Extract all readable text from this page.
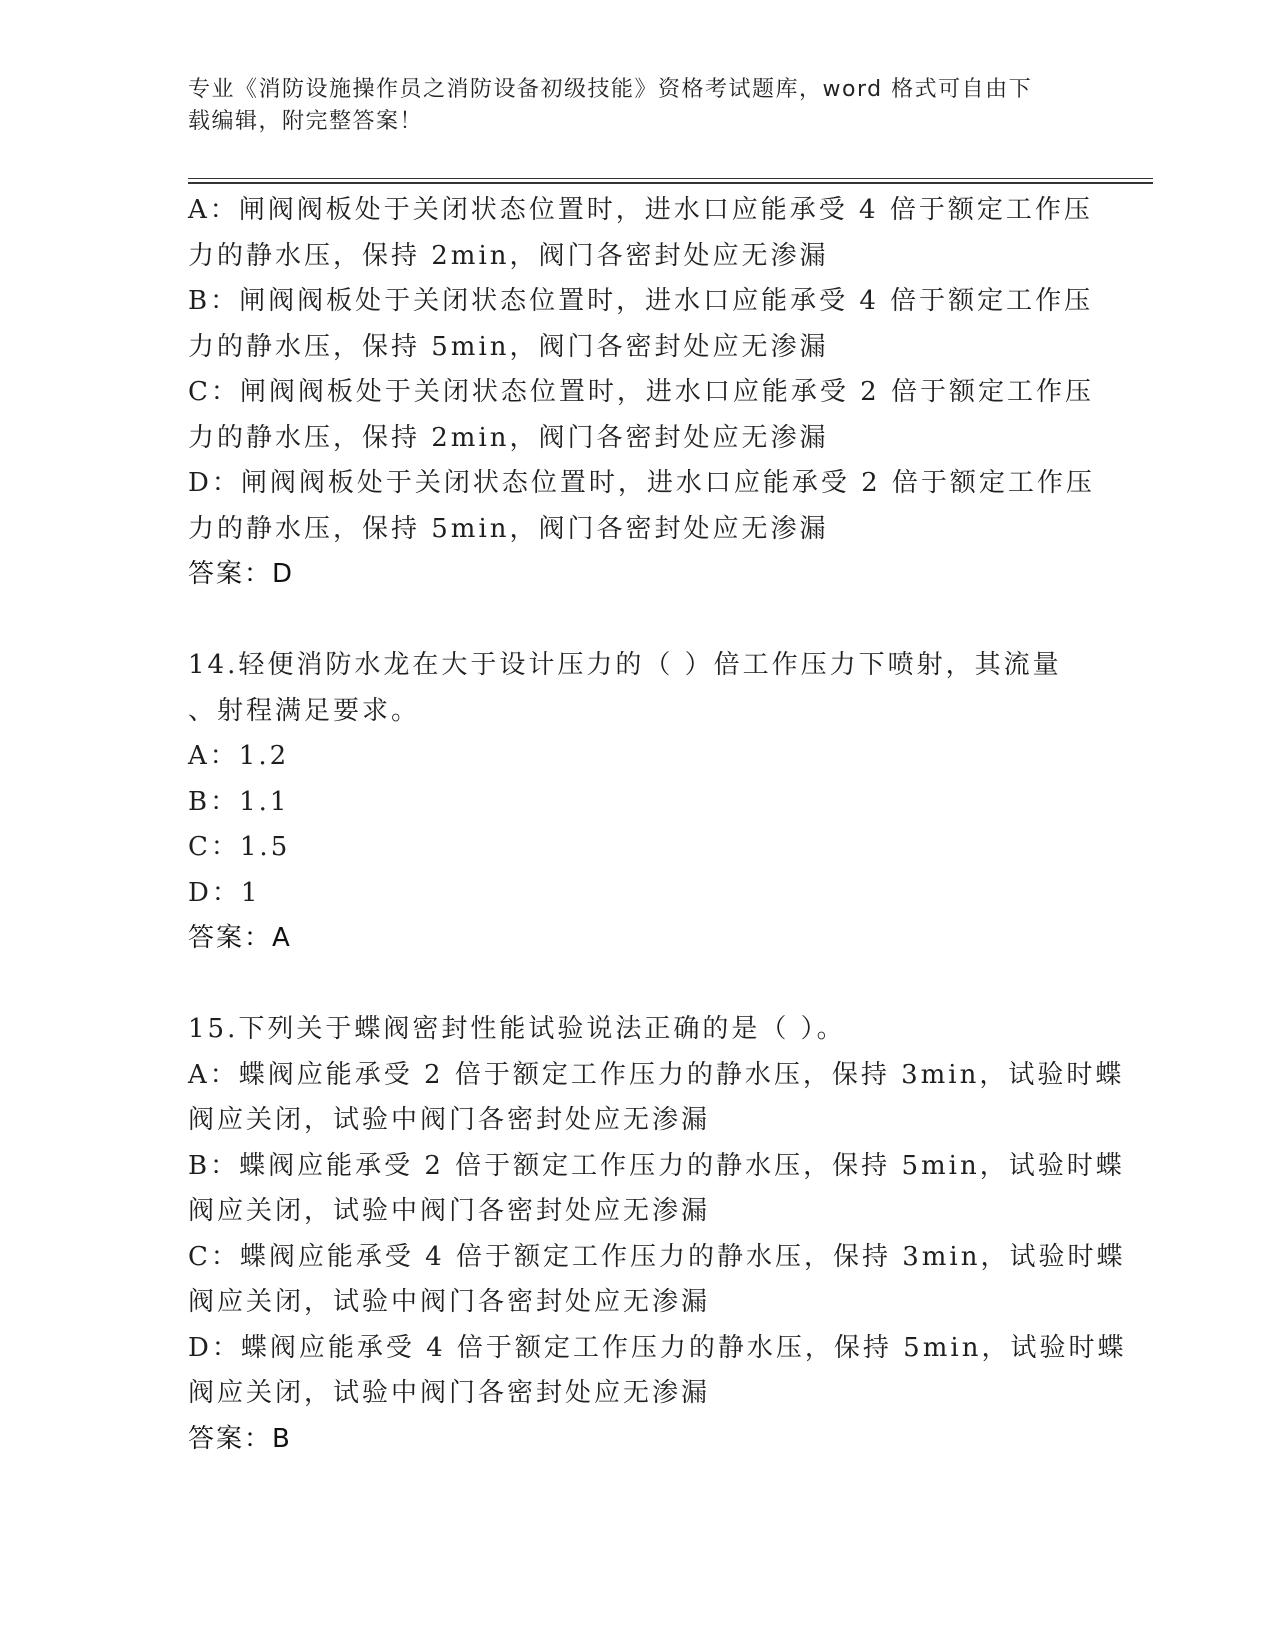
专业《消防设施操作员之消防设备初级技能》资格考试题库，word 格式可自由下
载编辑，附完整答案！
A：闸阀阀板处于关闭状态位置时，进水口应能承受 4 倍于额定工作压
力的静水压，保持 2min，阀门各密封处应无渗漏
B：闸阀阀板处于关闭状态位置时，进水口应能承受 4 倍于额定工作压
力的静水压，保持 5min，阀门各密封处应无渗漏
C：闸阀阀板处于关闭状态位置时，进水口应能承受 2 倍于额定工作压
力的静水压，保持 2min，阀门各密封处应无渗漏
D：闸阀阀板处于关闭状态位置时，进水口应能承受 2 倍于额定工作压
力的静水压，保持 5min，阀门各密封处应无渗漏
答案：D
14.轻便消防水龙在大于设计压力的（ ）倍工作压力下喷射，其流量
、射程满足要求。
A：1.2
B：1.1
C：1.5
D：1
答案：A
15.下列关于蝶阀密封性能试验说法正确的是（ ）。
A：蝶阀应能承受 2 倍于额定工作压力的静水压，保持 3min，试验时蝶
阀应关闭，试验中阀门各密封处应无渗漏
B：蝶阀应能承受 2 倍于额定工作压力的静水压，保持 5min，试验时蝶
阀应关闭，试验中阀门各密封处应无渗漏
C：蝶阀应能承受 4 倍于额定工作压力的静水压，保持 3min，试验时蝶
阀应关闭，试验中阀门各密封处应无渗漏
D：蝶阀应能承受 4 倍于额定工作压力的静水压，保持 5min，试验时蝶
阀应关闭，试验中阀门各密封处应无渗漏
答案：B
